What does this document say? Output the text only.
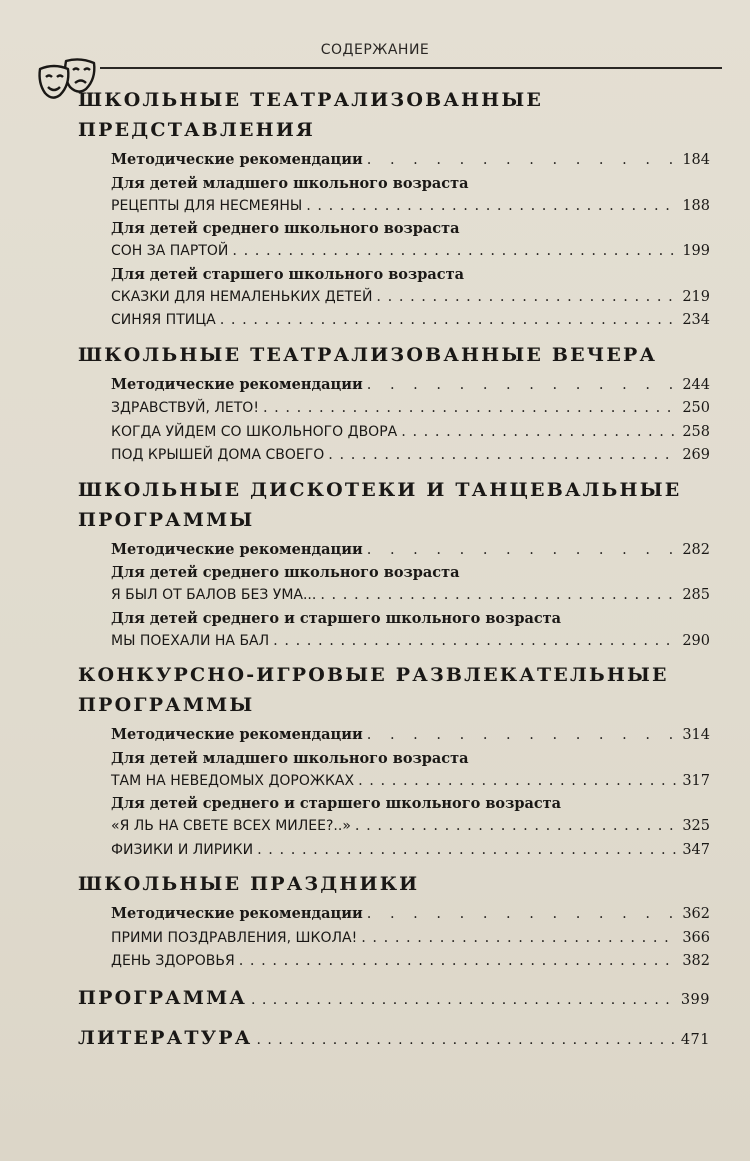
СОДЕРЖАНИЕ
ШКОЛЬНЫЕ ТЕАТРАЛИЗОВАННЫЕ
ПРЕДСТАВЛЕНИЯ
Методические рекомендации . . .	184
Для детей младшего школьного возраста
РЕЦЕПТЫ ДЛЯ НЕСМЕЯНЫ . . .	188
Для детей среднего школьного возраста
СОН ЗА ПАРТОЙ . . .	199
Для детей старшего школьного возраста
СКАЗКИ ДЛЯ НЕМАЛЕНЬКИХ ДЕТЕЙ . . .	219
СИНЯЯ ПТИЦА . . .	234
ШКОЛЬНЫЕ ТЕАТРАЛИЗОВАННЫЕ ВЕЧЕРА
Методические рекомендации . . .	244
ЗДРАВСТВУЙ, ЛЕТО! . . .	250
КОГДА УЙДЕМ СО ШКОЛЬНОГО ДВОРА . . .	258
ПОД КРЫШЕЙ ДОМА СВОЕГО . . .	269
ШКОЛЬНЫЕ ДИСКОТЕКИ И ТАНЦЕВАЛЬНЫЕ
ПРОГРАММЫ
Методические рекомендации . . .	282
Для детей среднего школьного возраста
Я БЫЛ ОТ БАЛОВ БЕЗ УМА... . . .	285
Для детей среднего и старшего школьного возраста
МЫ ПОЕХАЛИ НА БАЛ . . .	290
КОНКУРСНО-ИГРОВЫЕ РАЗВЛЕКАТЕЛЬНЫЕ
ПРОГРАММЫ
Методические рекомендации . . .	314
Для детей младшего школьного возраста
ТАМ НА НЕВЕДОМЫХ ДОРОЖКАХ . . .	317
Для детей среднего и старшего школьного возраста
«Я ЛЬ НА СВЕТЕ ВСЕХ МИЛЕЕ?..» . . .	325
ФИЗИКИ И ЛИРИКИ . . .	347
ШКОЛЬНЫЕ ПРАЗДНИКИ
Методические рекомендации . . .	362
ПРИМИ ПОЗДРАВЛЕНИЯ, ШКОЛА! . . .	366
ДЕНЬ ЗДОРОВЬЯ . . .	382
ПРОГРАММА . . .	399
ЛИТЕРАТУРА . . .	471
